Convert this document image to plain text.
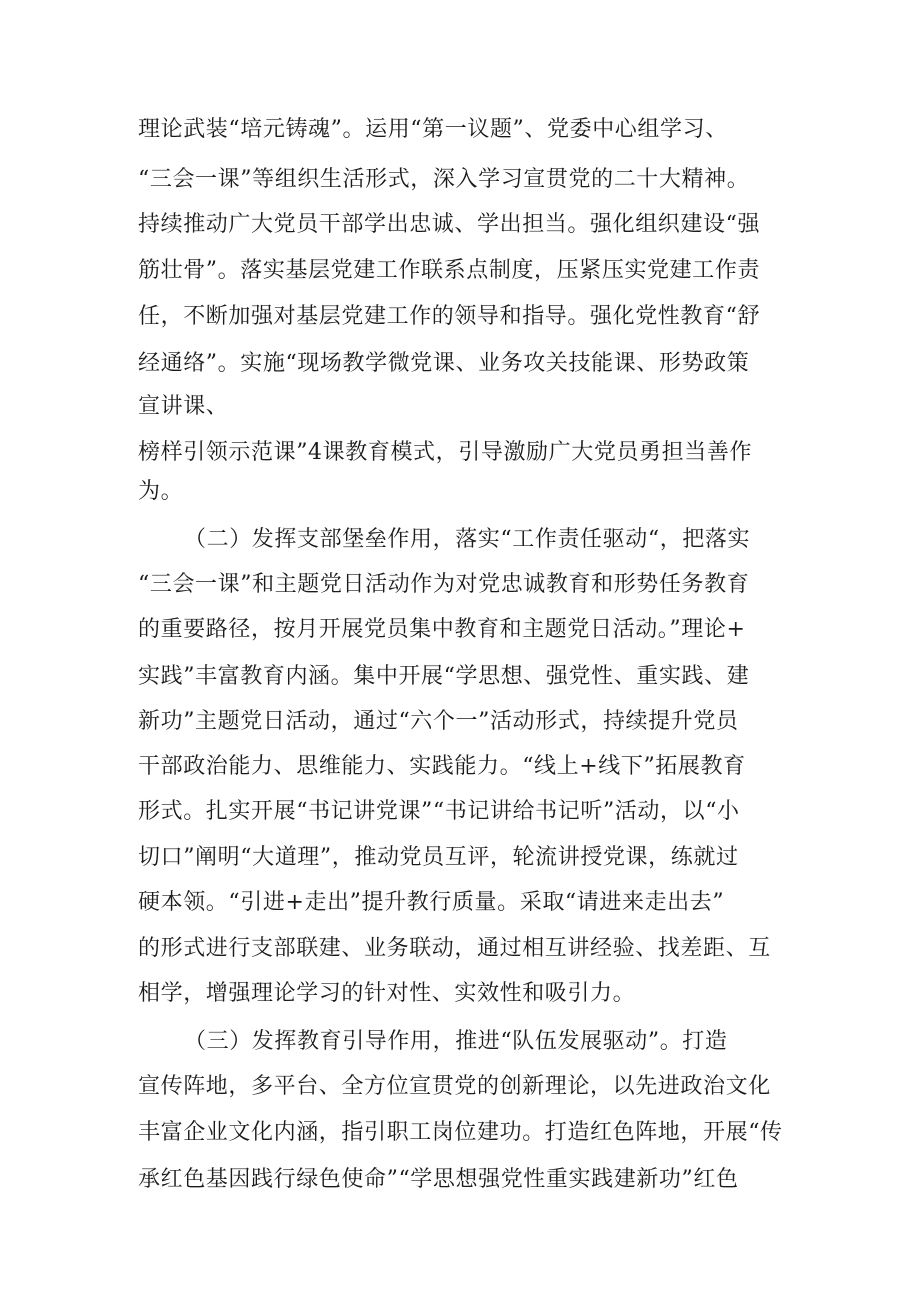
理论武装“培元铸魂”。运用“第一议题”、党委中心组学习、
“三会一课”等组织生活形式，深入学习宣贯党的二十大精神。
持续推动广大党员干部学出忠诚、学出担当。强化组织建设“强
筋壮骨”。落实基层党建工作联系点制度，压紧压实党建工作责
任，不断加强对基层党建工作的领导和指导。强化党性教育“舒
经通络”。实施“现场教学微党课、业务攻关技能课、形势政策
宣讲课、
榜样引领示范课”4课教育模式，引导激励广大党员勇担当善作
为。
（二）发挥支部堡垒作用，落实“工作责任驱动“，把落实
“三会一课”和主题党日活动作为对党忠诚教育和形势任务教育
的重要路径，按月开展党员集中教育和主题党日活动。”理论+
实践”丰富教育内涵。集中开展“学思想、强党性、重实践、建
新功”主题党日活动，通过“六个一”活动形式，持续提升党员
干部政治能力、思维能力、实践能力。“线上+线下”拓展教育
形式。扎实开展“书记讲党课”“书记讲给书记听”活动，以“小
切口”阐明“大道理”，推动党员互评，轮流讲授党课，练就过
硬本领。“引进+走出”提升教行质量。采取“请进来走出去”
的形式进行支部联建、业务联动，通过相互讲经验、找差距、互
相学，增强理论学习的针对性、实效性和吸引力。
（三）发挥教育引导作用，推进“队伍发展驱动”。打造
宣传阵地，多平台、全方位宣贯党的创新理论，以先进政治文化
丰富企业文化内涵，指引职工岗位建功。打造红色阵地，开展“传
承红色基因践行绿色使命”“学思想强党性重实践建新功”红色
